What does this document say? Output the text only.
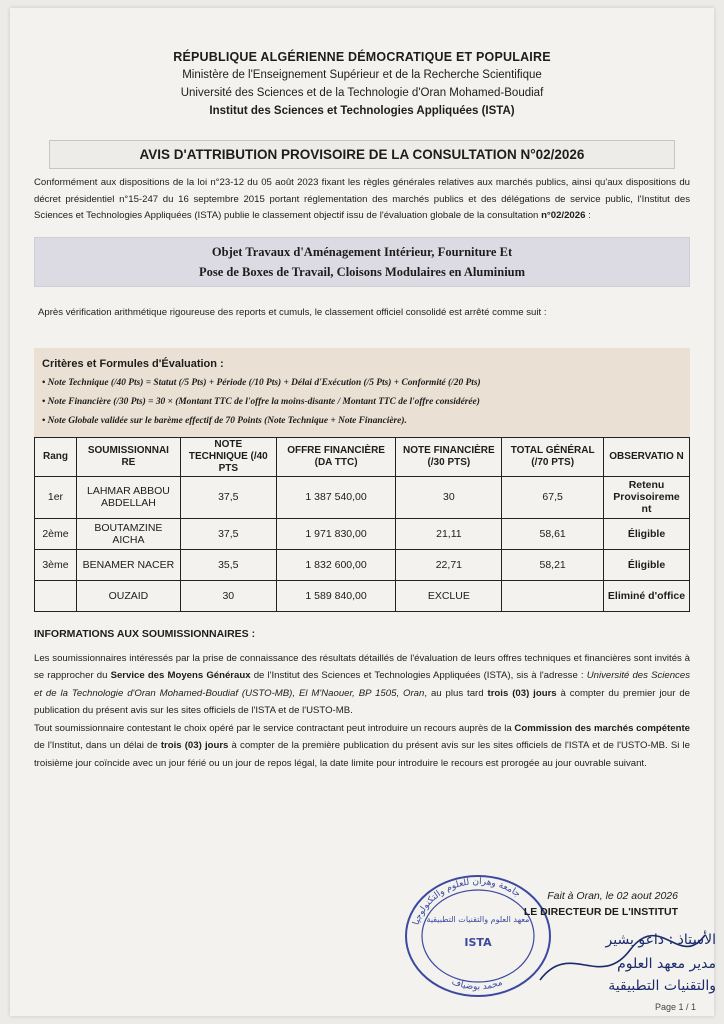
RÉPUBLIQUE ALGÉRIENNE DÉMOCRATIQUE ET POPULAIRE
Ministère de l'Enseignement Supérieur et de la Recherche Scientifique
Université des Sciences et de la Technologie d'Oran Mohamed-Boudiaf
Institut des Sciences et Technologies Appliquées (ISTA)
AVIS D'ATTRIBUTION PROVISOIRE DE LA CONSULTATION N°02/2026
Conformément aux dispositions de la loi n°23-12 du 05 août 2023 fixant les règles générales relatives aux marchés publics, ainsi qu'aux dispositions du décret présidentiel n°15-247 du 16 septembre 2015 portant réglementation des marchés publics et des délégations de service public, l'Institut des Sciences et Technologies Appliquées (ISTA) publie le classement objectif issu de l'évaluation globale de la consultation n°02/2026 :
Objet Travaux d'Aménagement Intérieur, Fourniture Et
Pose de Boxes de Travail, Cloisons Modulaires en Aluminium
Après vérification arithmétique rigoureuse des reports et cumuls, le classement officiel consolidé est arrêté comme suit :
Critères et Formules d'Évaluation :
• Note Technique (/40 Pts) = Statut (/5 Pts) + Période (/10 Pts) + Délai d'Exécution (/5 Pts) + Conformité (/20 Pts)
• Note Financière (/30 Pts) = 30 × (Montant TTC de l'offre la moins-disante / Montant TTC de l'offre considérée)
• Note Globale validée sur le barème effectif de 70 Points (Note Technique + Note Financière).
Rang	SOUMISSIONNAI RE	NOTE TECHNIQUE (/40 PTS	OFFRE FINANCIÈRE (DA TTC)	NOTE FINANCIÈRE (/30 PTS)	TOTAL GÉNÉRAL (/70 PTS)	OBSERVATIO N
1er	LAHMAR ABBOU ABDELLAH	37,5	1 387 540,00	30	67,5	Retenu Provisoireme nt
2ème	BOUTAMZINE AICHA	37,5	1 971 830,00	21,11	58,61	Éligible
3ème	BENAMER NACER	35,5	1 832 600,00	22,71	58,21	Éligible
	OUZAID	30	1 589 840,00	EXCLUE		Eliminé d'office
INFORMATIONS AUX SOUMISSIONNAIRES :
Les soumissionnaires intéressés par la prise de connaissance des résultats détaillés de l'évaluation de leurs offres techniques et financières sont invités à se rapprocher du Service des Moyens Généraux de l'Institut des Sciences et Technologies Appliquées (ISTA), sis à l'adresse : Université des Sciences et de la Technologie d'Oran Mohamed-Boudiaf (USTO-MB), El M'Naouer, BP 1505, Oran, au plus tard trois (03) jours à compter du premier jour de publication du présent avis sur les sites officiels de l'ISTA et de l'USTO-MB.
Tout soumissionnaire contestant le choix opéré par le service contractant peut introduire un recours auprès de la Commission des marchés compétente de l'Institut, dans un délai de trois (03) jours à compter de la première publication du présent avis sur les sites officiels de l'ISTA et de l'USTO-MB. Si le troisième jour coïncide avec un jour férié ou un jour de repos légal, la date limite pour introduire le recours est prorogée au jour ouvrable suivant.
جامعة وهران للعلوم والتكنولوجيا
معهد العلوم والتقنيات التطبيقية
ISTA
محمد بوضياف
Fait à Oran, le 02 aout 2026
LE DIRECTEUR DE L'INSTITUT
الأستاذ : داعو بشير
مدير معهد العلوم
والتقنيات التطبيقية
Page 1 / 1
